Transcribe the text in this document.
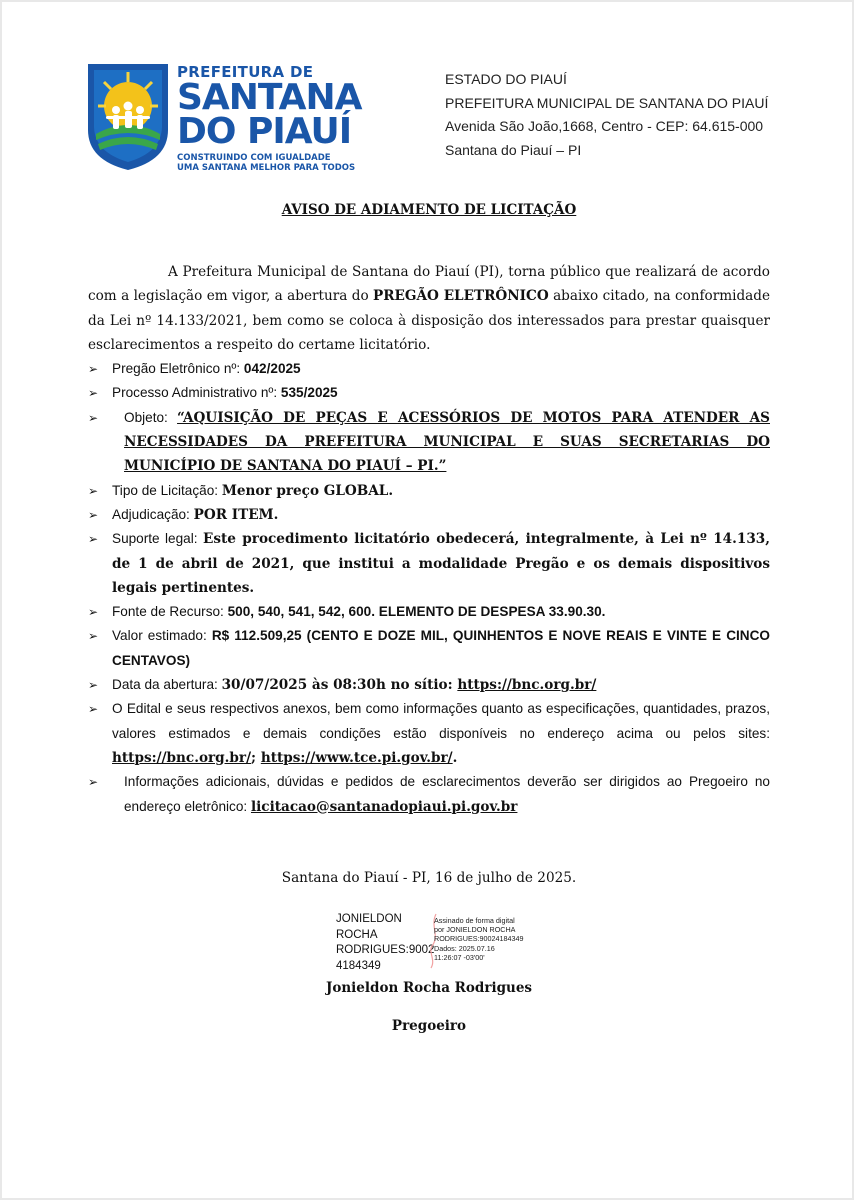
PREFEITURA DE
SANTANA
DO PIAUÍ
CONSTRUINDO COM IGUALDADE
UMA SANTANA MELHOR PARA TODOS
ESTADO DO PIAUÍ
PREFEITURA MUNICIPAL DE SANTANA DO PIAUÍ
Avenida São João,1668, Centro - CEP: 64.615-000
Santana do Piauí – PI
AVISO DE ADIAMENTO DE LICITAÇÃO

A Prefeitura Municipal de Santana do Piauí (PI), torna público que realizará de acordo com a legislação em vigor, a abertura do PREGÃO ELETRÔNICO abaixo citado, na conformidade da Lei nº 14.133/2021, bem como se coloca à disposição dos interessados para prestar quaisquer esclarecimentos a respeito do certame licitatório.

➢ Pregão Eletrônico nº: 042/2025

➢ Processo Administrativo nº: 535/2025

➢ Objeto: “AQUISIÇÃO DE PEÇAS E ACESSÓRIOS DE MOTOS PARA ATENDER AS NECESSIDADES DA PREFEITURA MUNICIPAL E SUAS SECRETARIAS DO MUNICÍPIO DE SANTANA DO PIAUÍ – PI.”

➢ Tipo de Licitação: Menor preço GLOBAL.

➢ Adjudicação: POR ITEM.

➢ Suporte legal: Este procedimento licitatório obedecerá, integralmente, à Lei nº 14.133, de 1 de abril de 2021, que institui a modalidade Pregão e os demais dispositivos legais pertinentes.

➢ Fonte de Recurso: 500, 540, 541, 542, 600. ELEMENTO DE DESPESA 33.90.30.

➢ Valor estimado: R$ 112.509,25 (CENTO E DOZE MIL, QUINHENTOS E NOVE REAIS E VINTE E CINCO CENTAVOS)

➢ Data da abertura: 30/07/2025 às 08:30h no sítio: https://bnc.org.br/

➢ O Edital e seus respectivos anexos, bem como informações quanto as especificações, quantidades, prazos, valores estimados e demais condições estão disponíveis no endereço acima ou pelos sites: https://bnc.org.br/; https://www.tce.pi.gov.br/.

➢ Informações adicionais, dúvidas e pedidos de esclarecimentos deverão ser dirigidos ao Pregoeiro no endereço eletrônico: licitacao@santanadopiaui.pi.gov.br

Santana do Piauí - PI, 16 de julho de 2025.
JONIELDON
ROCHA
RODRIGUES:9002
4184349
Assinado de forma digital
por JONIELDON ROCHA
RODRIGUES:90024184349
Dados: 2025.07.16
11:26:07 -03'00'
Jonieldon Rocha Rodrigues
Pregoeiro
